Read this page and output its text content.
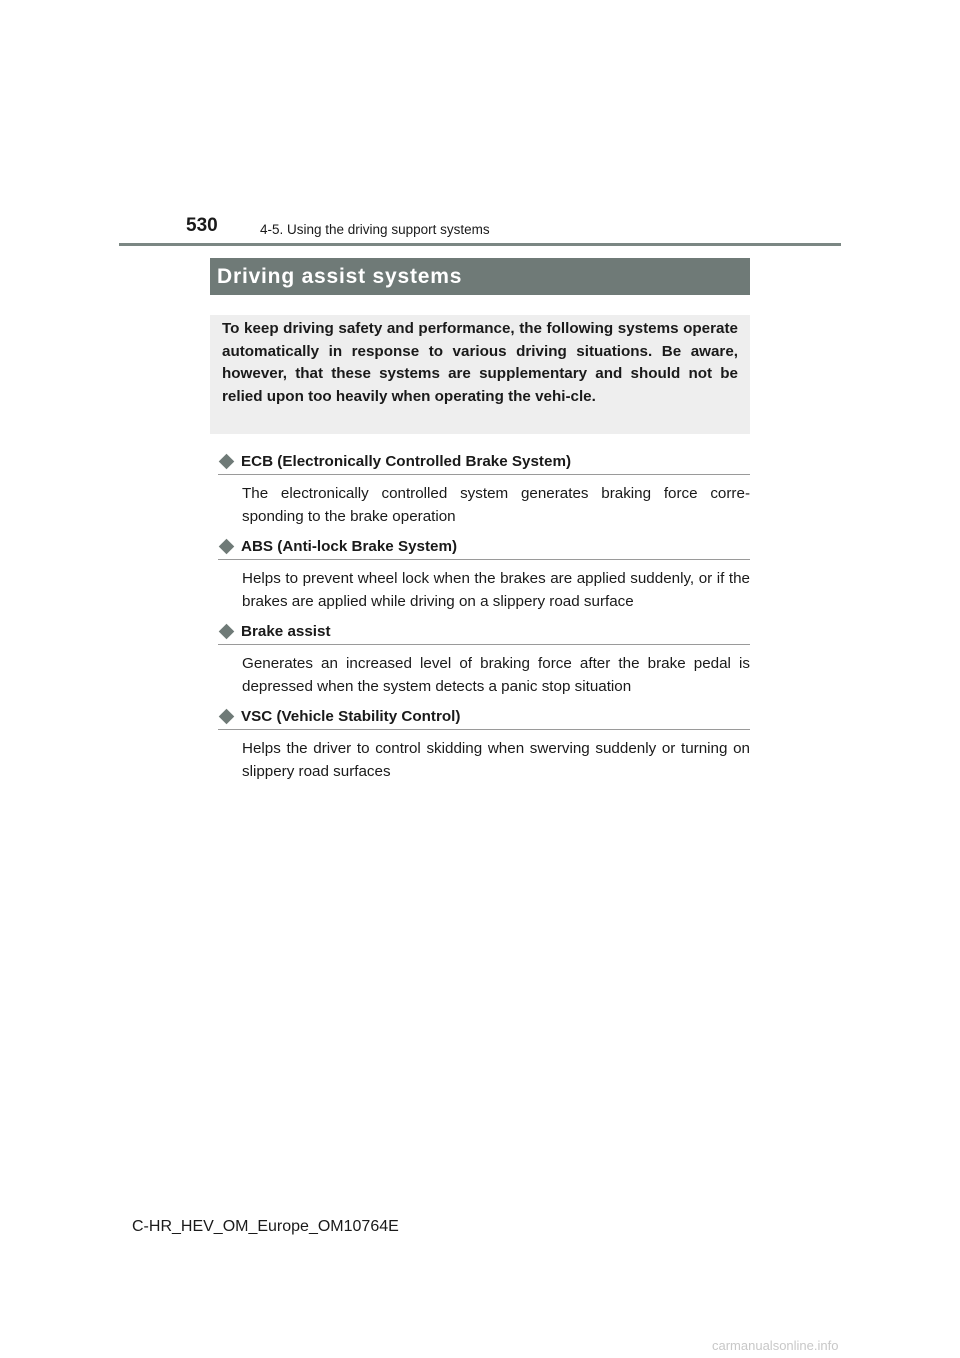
530	4-5. Using the driving support systems
Driving assist systems

To keep driving safety and performance, the following systems operate automatically in response to various driving situations. Be aware, however, that these systems are supplementary and should not be relied upon too heavily when operating the vehi-cle.

ECB (Electronically Controlled Brake System)
The electronically controlled system generates braking force corre-sponding to the brake operation
ABS (Anti-lock Brake System)
Helps to prevent wheel lock when the brakes are applied suddenly, or if the brakes are applied while driving on a slippery road surface
Brake assist
Generates an increased level of braking force after the brake pedal is depressed when the system detects a panic stop situation
VSC (Vehicle Stability Control)
Helps the driver to control skidding when swerving suddenly or turning on slippery road surfaces
C-HR_HEV_OM_Europe_OM10764E
carmanualsonline.info
